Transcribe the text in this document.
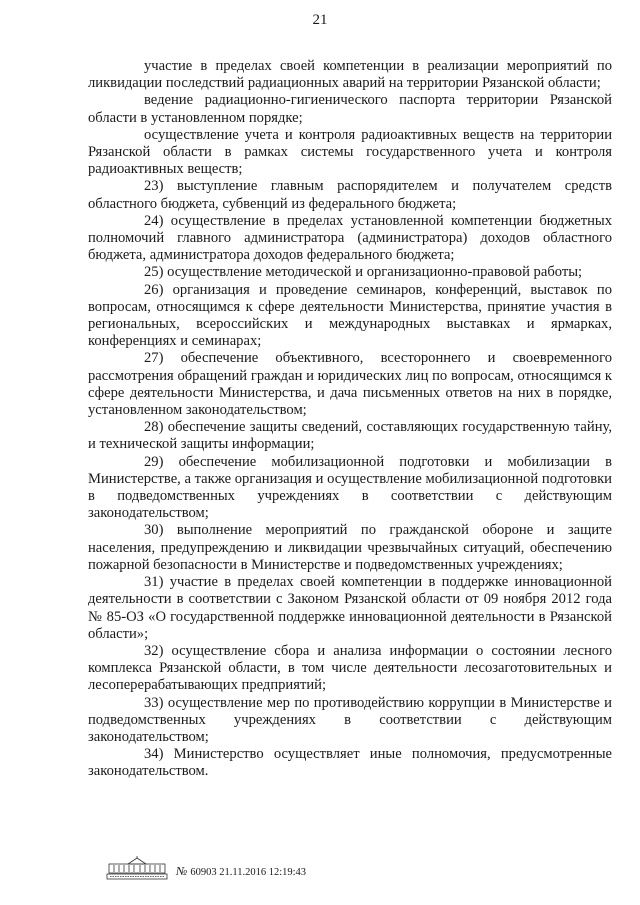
21

участие в пределах своей компетенции в реализации мероприятий по ликвидации последствий радиационных аварий на территории Рязанской области;

ведение радиационно-гигиенического паспорта территории Рязанской области в установленном порядке;

осуществление учета и контроля радиоактивных веществ на территории Рязанской области в рамках системы государственного учета и контроля радиоактивных веществ;

23) выступление главным распорядителем и получателем средств областного бюджета, субвенций из федерального бюджета;

24) осуществление в пределах установленной компетенции бюджетных полномочий главного администратора (администратора) доходов областного бюджета, администратора доходов федерального бюджета;

25) осуществление методической и организационно-правовой работы;

26) организация и проведение семинаров, конференций, выставок по вопросам, относящимся к сфере деятельности Министерства, принятие участия в региональных, всероссийских и международных выставках и ярмарках, конференциях и семинарах;

27) обеспечение объективного, всестороннего и своевременного рассмотрения обращений граждан и юридических лиц по вопросам, относящимся к сфере деятельности Министерства, и дача письменных ответов на них в порядке, установленном законодательством;

28) обеспечение защиты сведений, составляющих государственную тайну, и технической защиты информации;

29) обеспечение мобилизационной подготовки и мобилизации в Министерстве, а также организация и осуществление мобилизационной подготовки в подведомственных учреждениях в соответствии с действующим законодательством;

30) выполнение мероприятий по гражданской обороне и защите населения, предупреждению и ликвидации чрезвычайных ситуаций, обеспечению пожарной безопасности в Министерстве и подведомственных учреждениях;

31) участие в пределах своей компетенции в поддержке инновационной деятельности в соответствии с Законом Рязанской области от 09 ноября 2012 года № 85-ОЗ «О государственной поддержке инновационной деятельности в Рязанской области»;

32) осуществление сбора и анализа информации о состоянии лесного комплекса Рязанской области, в том числе деятельности лесозаготовительных и лесоперерабатывающих предприятий;

33) осуществление мер по противодействию коррупции в Министерстве и подведомственных учреждениях в соответствии с действующим законодательством;

34) Министерство осуществляет иные полномочия, предусмотренные законодательством.

№ 60903 21.11.2016 12:19:43
